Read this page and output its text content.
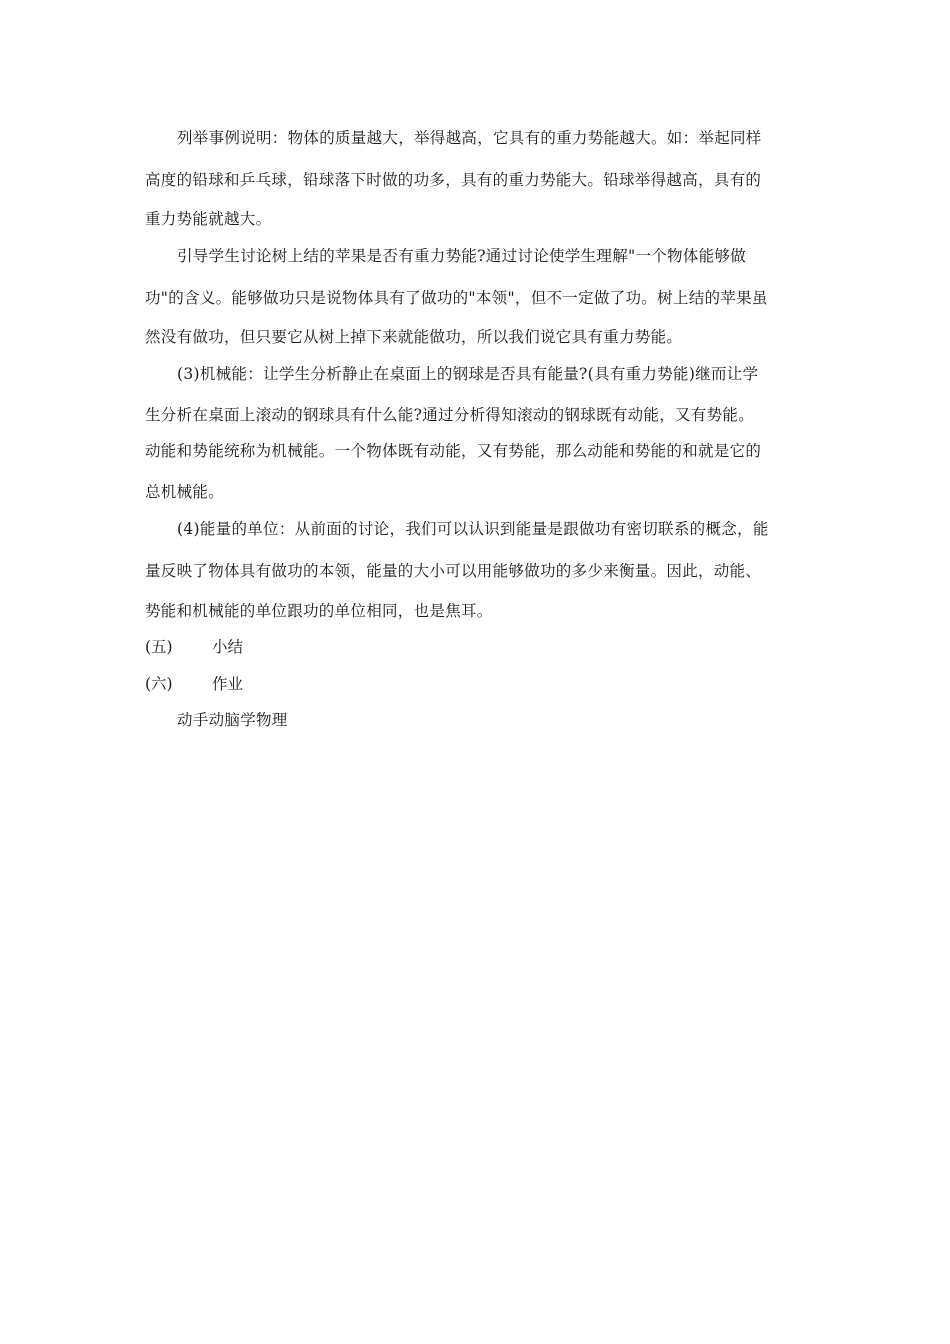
列举事例说明：物体的质量越大，举得越高，它具有的重力势能越大。如：举起同样
高度的铅球和乒乓球，铅球落下时做的功多，具有的重力势能大。铅球举得越高，具有的
重力势能就越大。
引导学生讨论树上结的苹果是否有重力势能?通过讨论使学生理解"一个物体能够做
功"的含义。能够做功只是说物体具有了做功的"本领"，但不一定做了功。树上结的苹果虽
然没有做功，但只要它从树上掉下来就能做功，所以我们说它具有重力势能。
(3)机械能：让学生分析静止在桌面上的钢球是否具有能量?(具有重力势能)继而让学
生分析在桌面上滚动的钢球具有什么能?通过分析得知滚动的钢球既有动能，又有势能。
动能和势能统称为机械能。一个物体既有动能，又有势能，那么动能和势能的和就是它的
总机械能。
(4)能量的单位：从前面的讨论，我们可以认识到能量是跟做功有密切联系的概念，能
量反映了物体具有做功的本领，能量的大小可以用能够做功的多少来衡量。因此，动能、
势能和机械能的单位跟功的单位相同，也是焦耳。
(五)	小结
(六)	作业
动手动脑学物理
